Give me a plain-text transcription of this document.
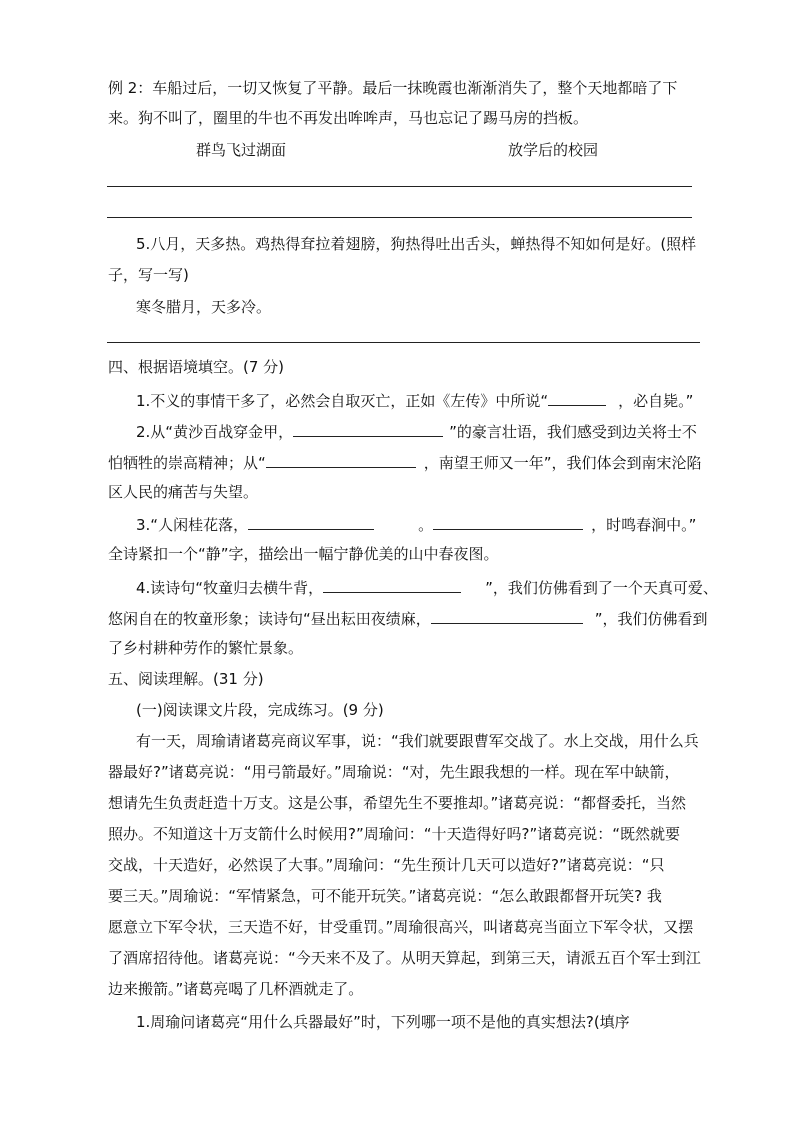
例 2：车船过后，一切又恢复了平静。最后一抹晚霞也渐渐消失了，整个天地都暗了下
来。狗不叫了，圈里的牛也不再发出哞哞声，马也忘记了踢马房的挡板。
群鸟飞过湖面	放学后的校园
5.八月，天多热。鸡热得耷拉着翅膀，狗热得吐出舌头，蝉热得不知如何是好。(照样
子，写一写)
寒冬腊月，天多冷。
四、根据语境填空。(7 分)
1.不义的事情干多了，必然会自取灭亡，正如《左传》中所说“	，必自毙。”
2.从“黄沙百战穿金甲，	”的豪言壮语，我们感受到边关将士不
怕牺牲的崇高精神；从“	，南望王师又一年”，我们体会到南宋沦陷
区人民的痛苦与失望。
3.“人闲桂花落，	。	，时鸣春涧中。”
全诗紧扣一个“静”字，描绘出一幅宁静优美的山中春夜图。
4.读诗句“牧童归去横牛背，	”，我们仿佛看到了一个天真可爱、
悠闲自在的牧童形象；读诗句“昼出耘田夜绩麻，	”，我们仿佛看到
了乡村耕种劳作的繁忙景象。
五、阅读理解。(31 分)
(一)阅读课文片段，完成练习。(9 分)
有一天，周瑜请诸葛亮商议军事，说：“我们就要跟曹军交战了。水上交战，用什么兵
器最好?”诸葛亮说：“用弓箭最好。”周瑜说：“对，先生跟我想的一样。现在军中缺箭，
想请先生负责赶造十万支。这是公事，希望先生不要推却。”诸葛亮说：“都督委托，当然
照办。不知道这十万支箭什么时候用?”周瑜问：“十天造得好吗?”诸葛亮说：“既然就要
交战，十天造好，必然误了大事。”周瑜问：“先生预计几天可以造好?”诸葛亮说：“只
要三天。”周瑜说：“军情紧急，可不能开玩笑。”诸葛亮说：“怎么敢跟都督开玩笑? 我
愿意立下军令状，三天造不好，甘受重罚。”周瑜很高兴，叫诸葛亮当面立下军令状，又摆
了酒席招待他。诸葛亮说：“今天来不及了。从明天算起，到第三天，请派五百个军士到江
边来搬箭。”诸葛亮喝了几杯酒就走了。
1.周瑜问诸葛亮“用什么兵器最好”时，下列哪一项不是他的真实想法?(填序
